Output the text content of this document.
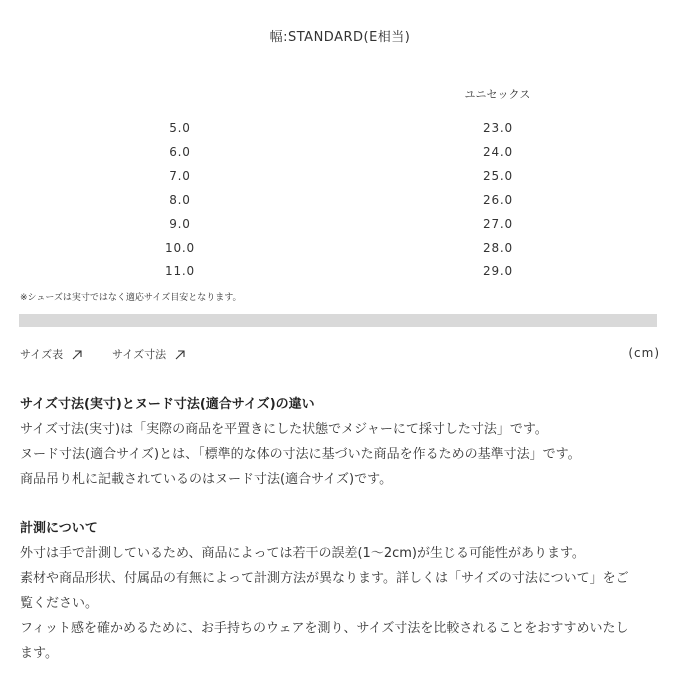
幅:STANDARD(E相当)
ユニセックス
5.0	23.0
6.0	24.0
7.0	25.0
8.0	26.0
9.0	27.0
10.0	28.0
11.0	29.0
※シューズは実寸ではなく適応サイズ目安となります。
サイズ表	サイズ寸法	(cm)

サイズ寸法(実寸)とヌード寸法(適合サイズ)の違い

サイズ寸法(実寸)は「実際の商品を平置きにした状態でメジャーにて採寸した寸法」です。

ヌード寸法(適合サイズ)とは、「標準的な体の寸法に基づいた商品を作るための基準寸法」です。

商品吊り札に記載されているのはヌード寸法(適合サイズ)です。

計測について

外寸は手で計測しているため、商品によっては若干の誤差(1〜2cm)が生じる可能性があります。

素材や商品形状、付属品の有無によって計測方法が異なります。詳しくは「サイズの寸法について」をご

覧ください。

フィット感を確かめるために、お手持ちのウェアを測り、サイズ寸法を比較されることをおすすめいたし

ます。
